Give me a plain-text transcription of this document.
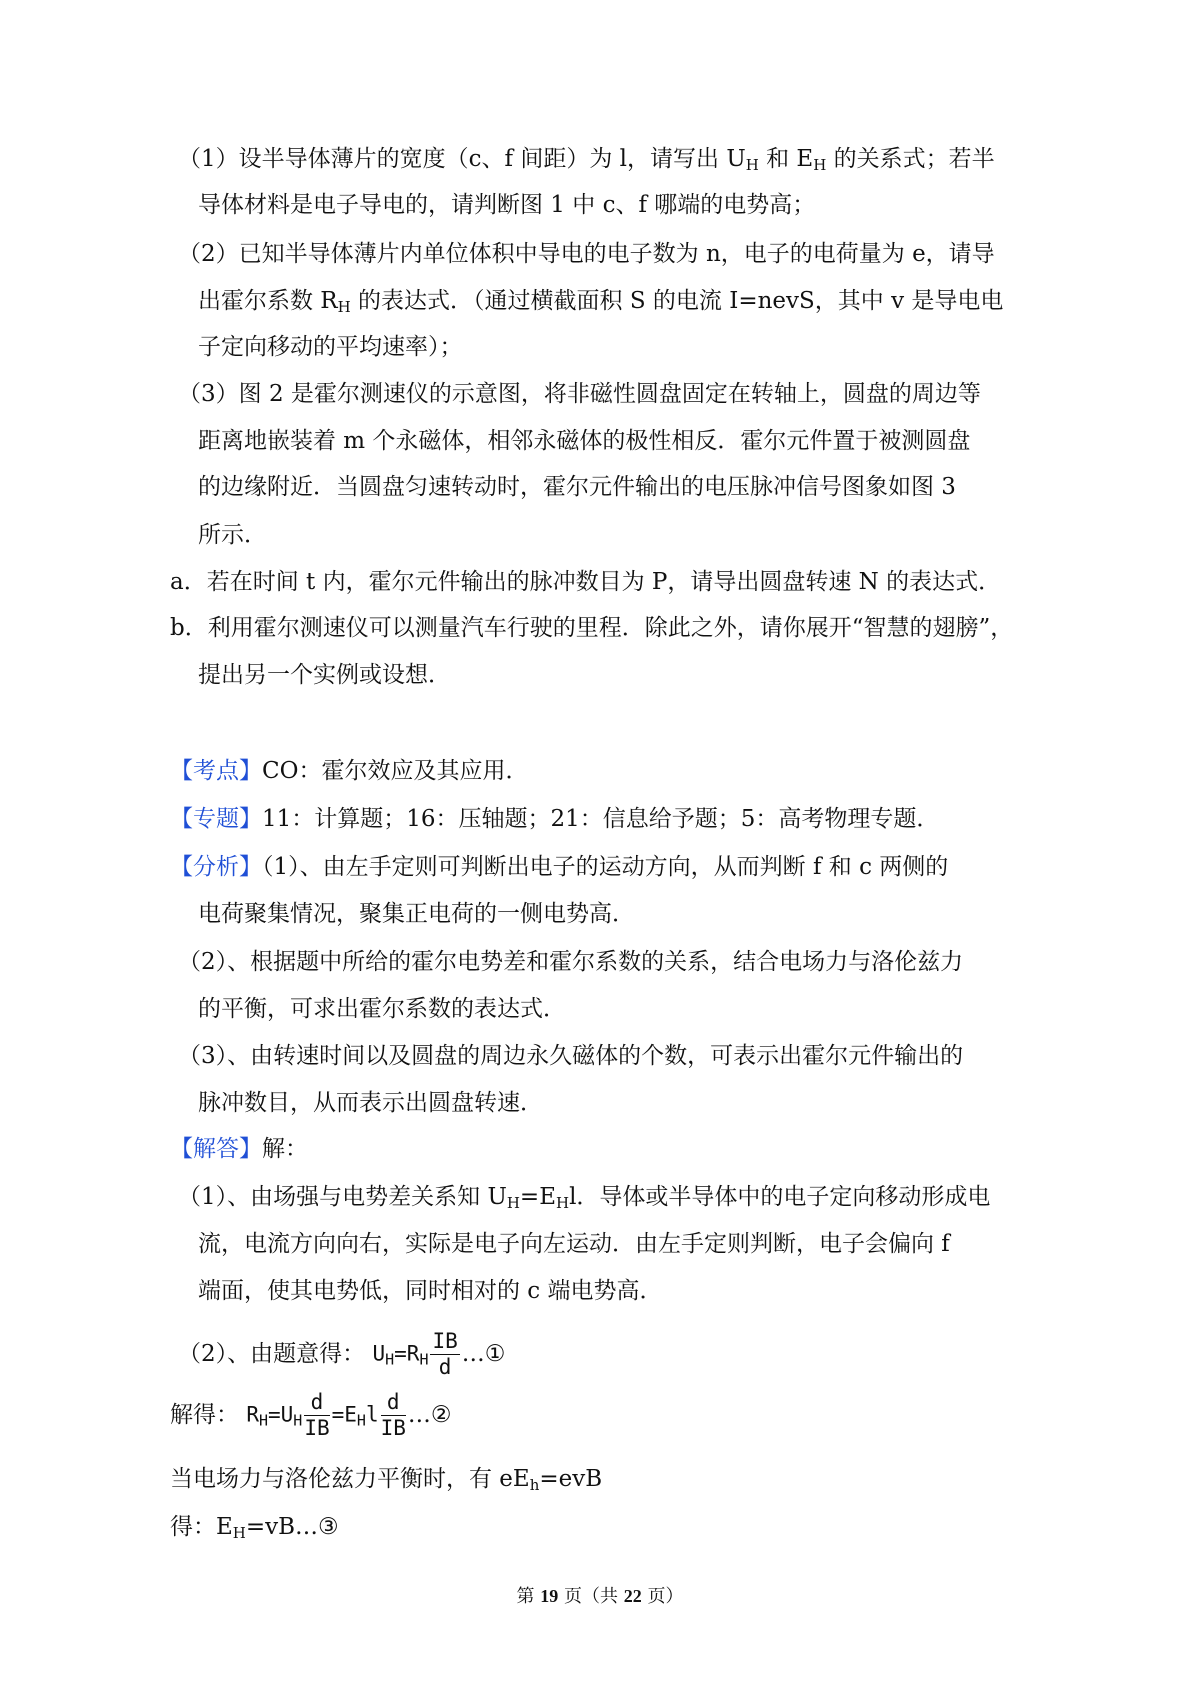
（1）设半导体薄片的宽度（c、f 间距）为 l，请写出 $U_H$ 和 $E_H$ 的关系式；若半
导体材料是电子导电的，请判断图 1 中 c、f 哪端的电势高；
（2）已知半导体薄片内单位体积中导电的电子数为 n，电子的电荷量为 e，请导
出霍尔系数 $R_H$ 的表达式．（通过横截面积 S 的电流 I=nevS，其中 v 是导电电
子定向移动的平均速率）；
（3）图 2 是霍尔测速仪的示意图，将非磁性圆盘固定在转轴上，圆盘的周边等
距离地嵌装着 m 个永磁体，相邻永磁体的极性相反．霍尔元件置于被测圆盘
的边缘附近．当圆盘匀速转动时，霍尔元件输出的电压脉冲信号图象如图 3
所示．
a．若在时间 t 内，霍尔元件输出的脉冲数目为 P，请导出圆盘转速 N 的表达式．
b．利用霍尔测速仪可以测量汽车行驶的里程．除此之外，请你展开“智慧的翅膀”，
提出另一个实例或设想．
【考点】CO：霍尔效应及其应用．
【专题】11：计算题；16：压轴题；21：信息给予题；5：高考物理专题．
【分析】（1）、由左手定则可判断出电子的运动方向，从而判断 f 和 c 两侧的
电荷聚集情况，聚集正电荷的一侧电势高．
（2）、根据题中所给的霍尔电势差和霍尔系数的关系，结合电场力与洛伦兹力
的平衡，可求出霍尔系数的表达式．
（3）、由转速时间以及圆盘的周边永久磁体的个数，可表示出霍尔元件输出的
脉冲数目，从而表示出圆盘转速．
【解答】解：
（1）、由场强与电势差关系知 $U_H=E_Hl$．导体或半导体中的电子定向移动形成电
流，电流方向向右，实际是电子向左运动．由左手定则判断，电子会偏向 f
端面，使其电势低，同时相对的 c 端电势高．
（2）、由题意得： $U_H=R_H \frac{IB}{d}$ …①
解得： $R_H=U_H \frac{d}{IB} =E_Hl \frac{d}{IB}$ …②
当电场力与洛伦兹力平衡时，有 $eE_h=evB$
得：$E_H=vB\dots ③$
第 19 页（共 22 页）
